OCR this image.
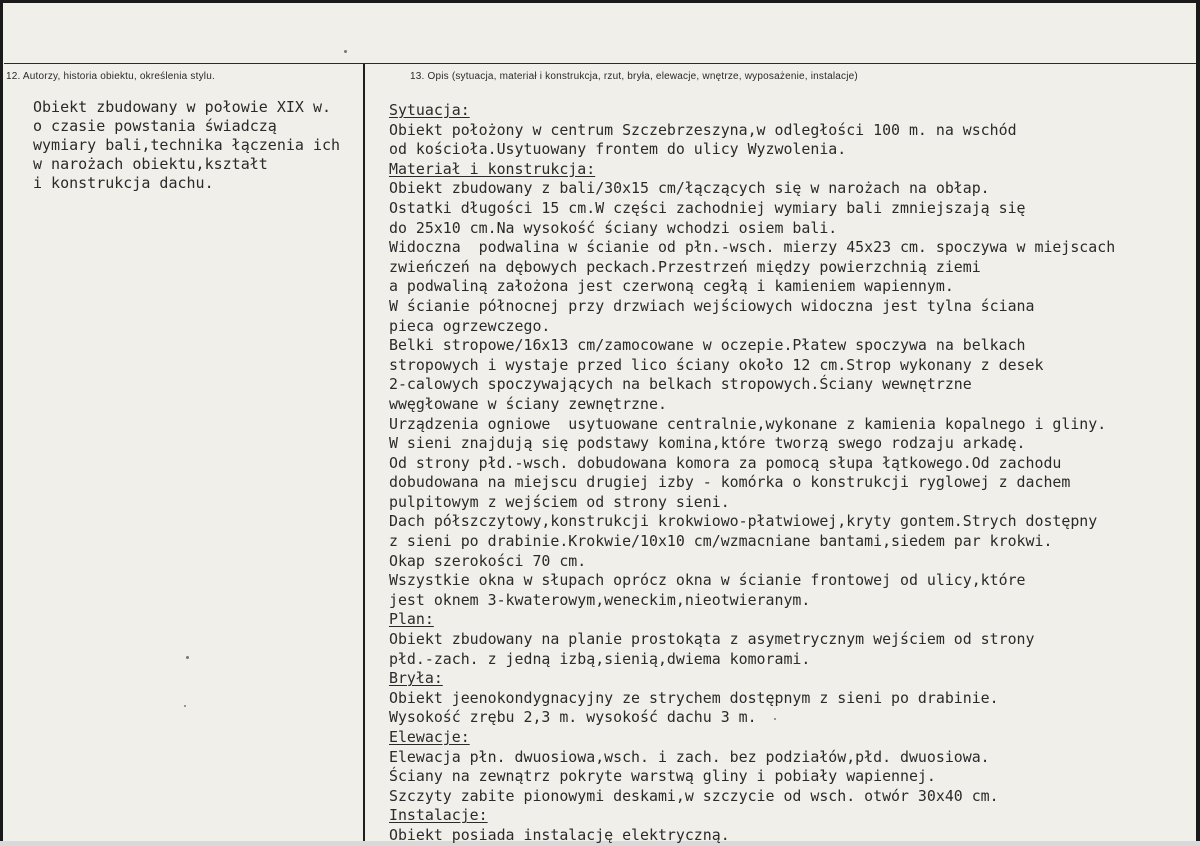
12. Autorzy, historia obiektu, określenia stylu.	13. Opis (sytuacja, materiał i konstrukcja, rzut, bryła, elewacje, wnętrze, wyposażenie, instalacje)
Obiekt zbudowany w połowie XIX w.
o czasie powstania świadczą
wymiary bali,technika łączenia ich
w narożach obiektu,kształt
i konstrukcja dachu.
Sytuacja:
Obiekt położony w centrum Szczebrzeszyna,w odległości 100 m. na wschód
od kościoła.Usytuowany frontem do ulicy Wyzwolenia.
Materiał i konstrukcja:
Obiekt zbudowany z bali/30x15 cm/łączących się w narożach na obłap.
Ostatki długości 15 cm.W części zachodniej wymiary bali zmniejszają się
do 25x10 cm.Na wysokość ściany wchodzi osiem bali.
Widoczna  podwalina w ścianie od płn.-wsch. mierzy 45x23 cm. spoczywa w miejscach
zwieńczeń na dębowych peckach.Przestrzeń między powierzchnią ziemi
a podwaliną założona jest czerwoną cegłą i kamieniem wapiennym.
W ścianie północnej przy drzwiach wejściowych widoczna jest tylna ściana
pieca ogrzewczego.
Belki stropowe/16x13 cm/zamocowane w oczepie.Płatew spoczywa na belkach
stropowych i wystaje przed lico ściany około 12 cm.Strop wykonany z desek
2-calowych spoczywających na belkach stropowych.Ściany wewnętrzne
wwęgłowane w ściany zewnętrzne.
Urządzenia ogniowe  usytuowane centralnie,wykonane z kamienia kopalnego i gliny.
W sieni znajdują się podstawy komina,które tworzą swego rodzaju arkadę.
Od strony płd.-wsch. dobudowana komora za pomocą słupa łątkowego.Od zachodu
dobudowana na miejscu drugiej izby - komórka o konstrukcji ryglowej z dachem
pulpitowym z wejściem od strony sieni.
Dach półszczytowy,konstrukcji krokwiowo-płatwiowej,kryty gontem.Strych dostępny
z sieni po drabinie.Krokwie/10x10 cm/wzmacniane bantami,siedem par krokwi.
Okap szerokości 70 cm.
Wszystkie okna w słupach oprócz okna w ścianie frontowej od ulicy,które
jest oknem 3-kwaterowym,weneckim,nieotwieranym.
Plan:
Obiekt zbudowany na planie prostokąta z asymetrycznym wejściem od strony
płd.-zach. z jedną izbą,sienią,dwiema komorami.
Bryła:
Obiekt jeenokondygnacyjny ze strychem dostępnym z sieni po drabinie.
Wysokość zrębu 2,3 m. wysokość dachu 3 m.
Elewacje:
Elewacja płn. dwuosiowa,wsch. i zach. bez podziałów,płd. dwuosiowa.
Ściany na zewnątrz pokryte warstwą gliny i pobiały wapiennej.
Szczyty zabite pionowymi deskami,w szczycie od wsch. otwór 30x40 cm.
Instalacje:
Obiekt posiada instalację elektryczną.
